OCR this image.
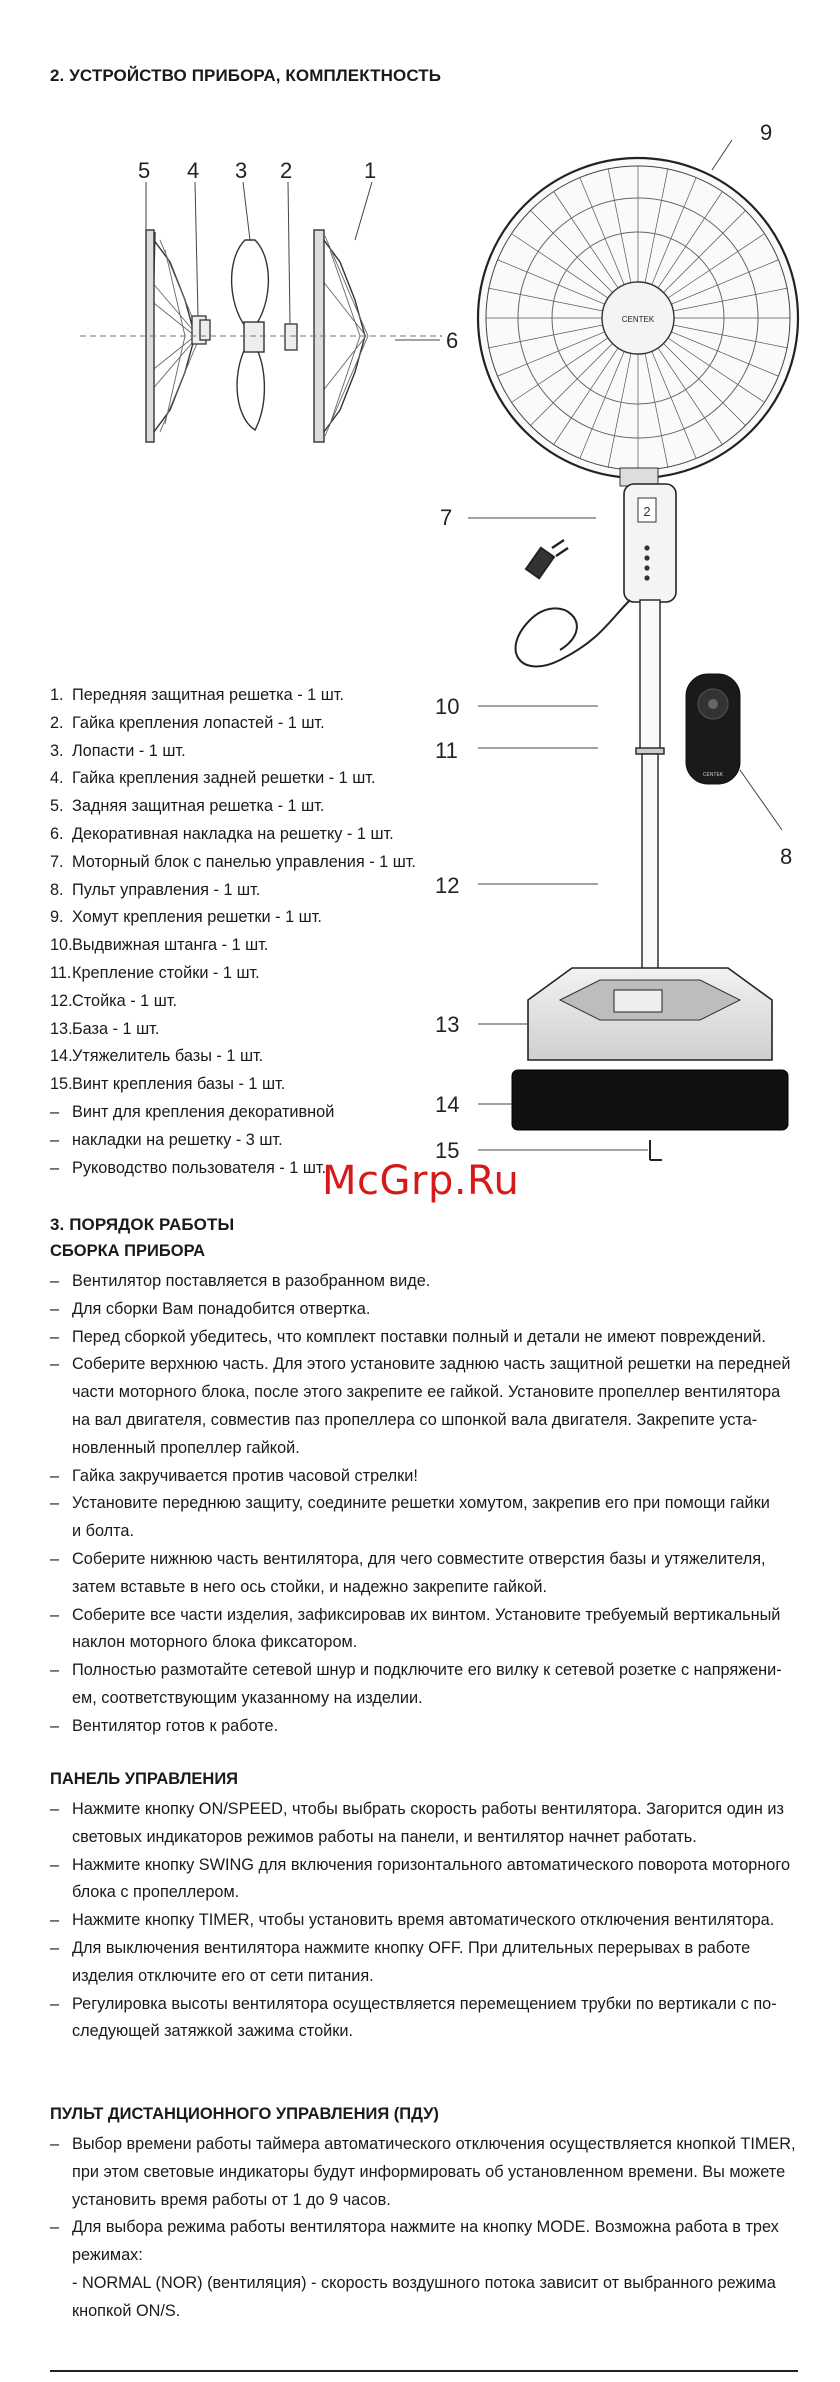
2. УСТРОЙСТВО ПРИБОРА, КОМПЛЕКТНОСТЬ
CENTEK
2
CENTEK
5 4 3 2	1
6
9
7
10
11
12
8
13
14
15
1. Передняя защитная решетка - 1 шт.
2. Гайка крепления лопастей - 1 шт.
3. Лопасти - 1 шт.
4. Гайка крепления задней решетки - 1 шт.
5. Задняя защитная решетка - 1 шт.
6. Декоративная накладка на решетку - 1 шт.
7. Моторный блок с панелью управления - 1 шт.
8. Пульт управления - 1 шт.
9. Хомут крепления решетки - 1 шт.
10.Выдвижная штанга - 1 шт.
11.Крепление стойки - 1 шт.
12.Стойка - 1 шт.
13.База - 1 шт.
14.Утяжелитель базы - 1 шт.
15.Винт крепления базы - 1 шт.
– Винт для крепления декоративной
– накладки на решетку - 3 шт.
– Руководство пользователя - 1 шт.
McGrp.Ru
3. ПОРЯДОК РАБОТЫ
СБОРКА ПРИБОРА
– Вентилятор поставляется в разобранном виде.
– Для сборки Вам понадобится отвертка.
– Перед сборкой убедитесь, что комплект поставки полный и детали не имеют повреждений.
– Соберите верхнюю часть. Для этого установите заднюю часть защитной решетки на передней
части моторного блока, после этого закрепите ее гайкой. Установите пропеллер вентилятора
на вал двигателя, совместив паз пропеллера со шпонкой вала двигателя. Закрепите уста-
новленный пропеллер гайкой.
– Гайка закручивается против часовой стрелки!
– Установите переднюю защиту, соедините решетки хомутом, закрепив его при помощи гайки
и болта.
– Соберите нижнюю часть вентилятора, для чего совместите отверстия базы и утяжелителя,
затем вставьте в него ось стойки, и надежно закрепите гайкой.
– Соберите все части изделия, зафиксировав их винтом. Установите требуемый вертикальный
наклон моторного блока фиксатором.
– Полностью размотайте сетевой шнур и подключите его вилку к сетевой розетке с напряжени-
ем, соответствующим указанному на изделии.
– Вентилятор готов к работе.
ПАНЕЛЬ УПРАВЛЕНИЯ
– Нажмите кнопку ON/SPEED, чтобы выбрать скорость работы вентилятора. Загорится один из
световых индикаторов режимов работы на панели, и вентилятор начнет работать.
– Нажмите кнопку SWING для включения горизонтального автоматического поворота моторного
блока с пропеллером.
– Нажмите кнопку TIMER, чтобы установить время автоматического отключения вентилятора.
– Для выключения вентилятора нажмите кнопку OFF. При длительных перерывах в работе
изделия отключите его от сети питания.
– Регулировка высоты вентилятора осуществляется перемещением трубки по вертикали с по-
следующей затяжкой зажима стойки.
ПУЛЬТ ДИСТАНЦИОННОГО УПРАВЛЕНИЯ (ПДУ)
– Выбор времени работы таймера автоматического отключения осуществляется кнопкой TIMER,
при этом световые индикаторы будут информировать об установленном времени. Вы можете
установить время работы от 1 до 9 часов.
– Для выбора режима работы вентилятора нажмите на кнопку MODE. Возможна работа в трех
режимах:
- NORMAL (NOR) (вентиляция) - скорость воздушного потока зависит от выбранного режима
кнопкой ON/S.
